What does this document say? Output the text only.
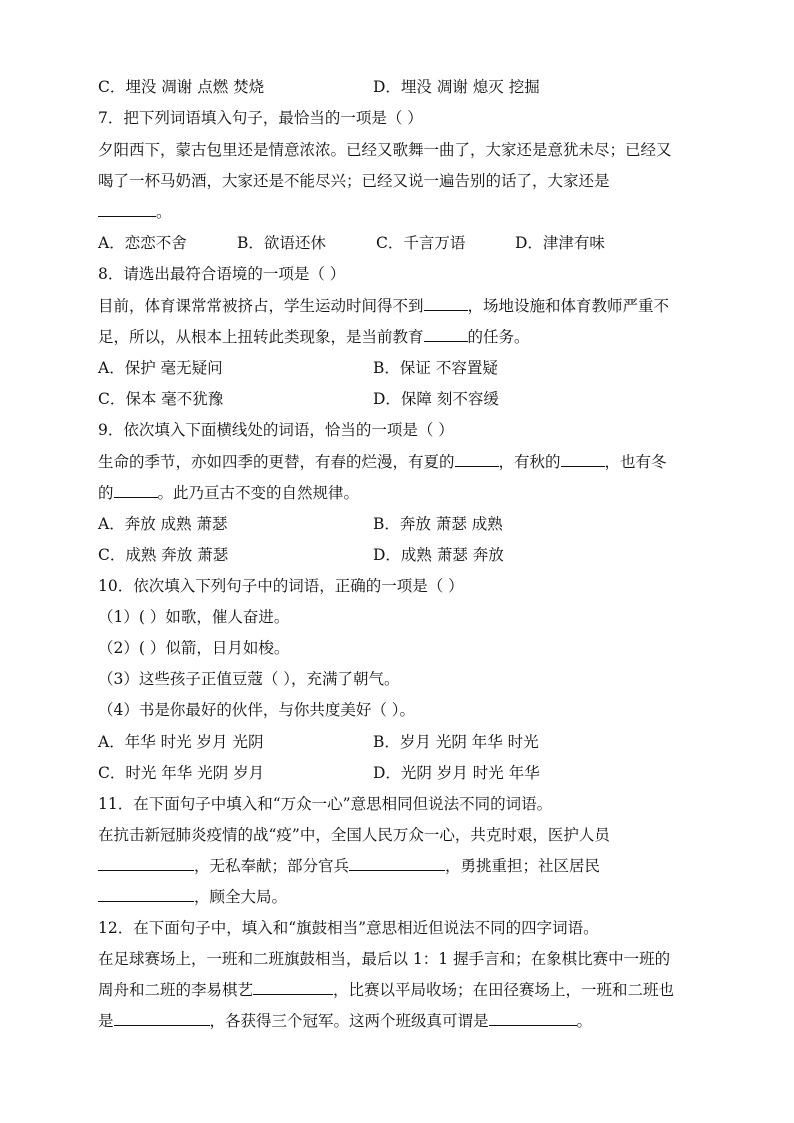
C．埋没 凋谢 点燃 焚烧	D．埋没 凋谢 熄灭 挖掘
7．把下列词语填入句子，最恰当的一项是（ ）
夕阳西下，蒙古包里还是情意浓浓。已经又歌舞一曲了，大家还是意犹未尽；已经又
喝了一杯马奶酒，大家还是不能尽兴；已经又说一遍告别的话了，大家还是
。
A．恋恋不舍	B．欲语还休	C．千言万语	D．津津有味
8．请选出最符合语境的一项是（ ）
目前，体育课常常被挤占，学生运动时间得不到	，场地设施和体育教师严重不
足，所以，从根本上扭转此类现象，是当前教育	的任务。
A．保护 毫无疑问	B．保证 不容置疑
C．保本 毫不犹豫	D．保障 刻不容缓
9．依次填入下面横线处的词语，恰当的一项是（ ）
生命的季节，亦如四季的更替，有春的烂漫，有夏的	，有秋的	，也有冬
的	。此乃亘古不变的自然规律。
A．奔放 成熟 萧瑟	B．奔放 萧瑟 成熟
C．成熟 奔放 萧瑟	D．成熟 萧瑟 奔放
10．依次填入下列句子中的词语，正确的一项是（ ）
（1）( ）如歌，催人奋进。
（2）( ）似箭，日月如梭。
（3）这些孩子正值豆蔻（ ），充满了朝气。
（4）书是你最好的伙伴，与你共度美好（ ）。
A．年华 时光 岁月 光阴	B．岁月 光阴 年华 时光
C．时光 年华 光阴 岁月	D．光阴 岁月 时光 年华
11．在下面句子中填入和“万众一心”意思相同但说法不同的词语。
在抗击新冠肺炎疫情的战“疫”中，全国人民万众一心，共克时艰，医护人员
，无私奉献；部分官兵	，勇挑重担；社区居民
，顾全大局。
12．在下面句子中，填入和“旗鼓相当”意思相近但说法不同的四字词语。
在足球赛场上，一班和二班旗鼓相当，最后以 1：1 握手言和；在象棋比赛中一班的
周舟和二班的李易棋艺	，比赛以平局收场；在田径赛场上，一班和二班也
是	，各获得三个冠军。这两个班级真可谓是	。
